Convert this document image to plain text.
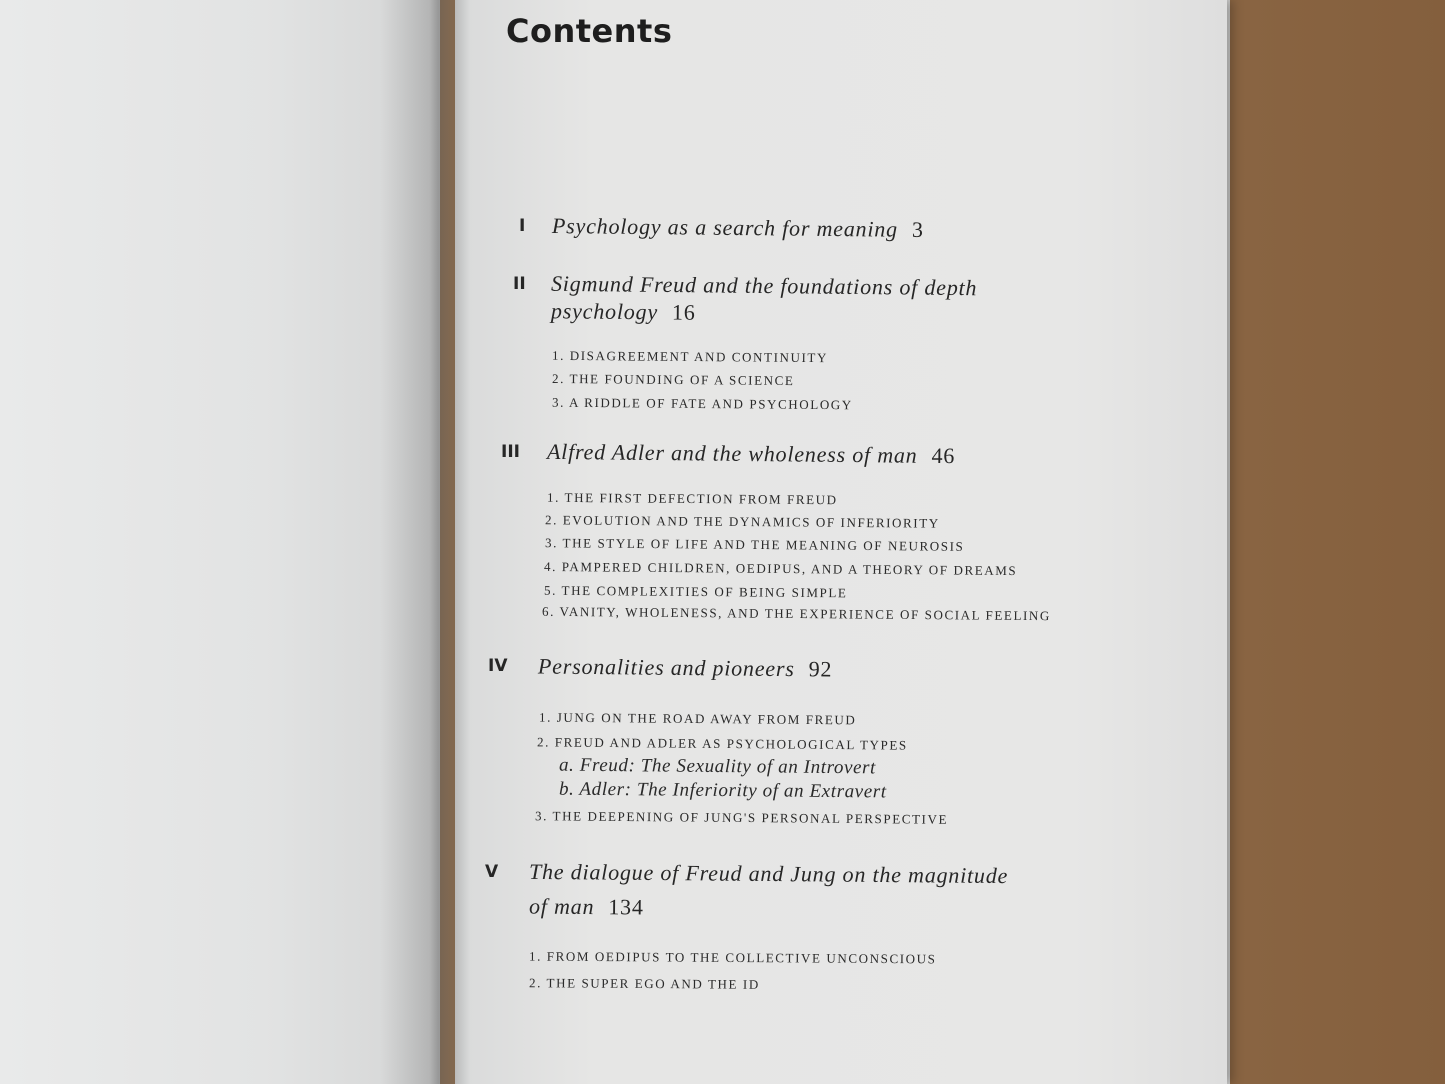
Contents
I Psychology as a search for meaning 3
II Sigmund Freud and the foundations of depth
psychology 16
1. DISAGREEMENT AND CONTINUITY
2. THE FOUNDING OF A SCIENCE
3. A RIDDLE OF FATE AND PSYCHOLOGY
III Alfred Adler and the wholeness of man 46
1. THE FIRST DEFECTION FROM FREUD
2. EVOLUTION AND THE DYNAMICS OF INFERIORITY
3. THE STYLE OF LIFE AND THE MEANING OF NEUROSIS
4. PAMPERED CHILDREN, OEDIPUS, AND A THEORY OF DREAMS
5. THE COMPLEXITIES OF BEING SIMPLE
6. VANITY, WHOLENESS, AND THE EXPERIENCE OF SOCIAL FEELING
IV Personalities and pioneers 92
1. JUNG ON THE ROAD AWAY FROM FREUD
2. FREUD AND ADLER AS PSYCHOLOGICAL TYPES
a. Freud: The Sexuality of an Introvert
b. Adler: The Inferiority of an Extravert
3. THE DEEPENING OF JUNG'S PERSONAL PERSPECTIVE
V The dialogue of Freud and Jung on the magnitude
of man 134
1. FROM OEDIPUS TO THE COLLECTIVE UNCONSCIOUS
2. THE SUPER EGO AND THE ID
